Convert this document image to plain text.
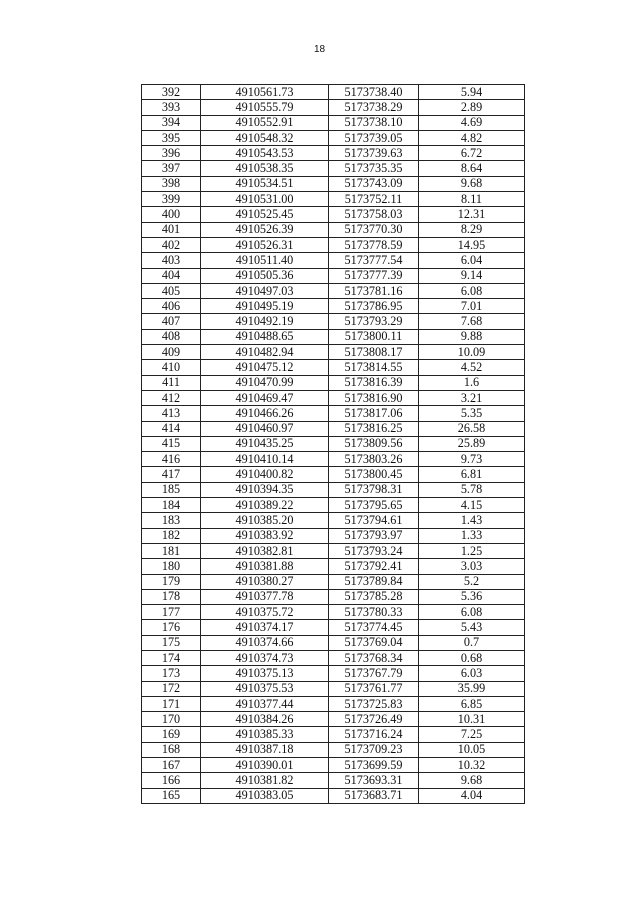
18
392	4910561.73	5173738.40	5.94
393	4910555.79	5173738.29	2.89
394	4910552.91	5173738.10	4.69
395	4910548.32	5173739.05	4.82
396	4910543.53	5173739.63	6.72
397	4910538.35	5173735.35	8.64
398	4910534.51	5173743.09	9.68
399	4910531.00	5173752.11	8.11
400	4910525.45	5173758.03	12.31
401	4910526.39	5173770.30	8.29
402	4910526.31	5173778.59	14.95
403	4910511.40	5173777.54	6.04
404	4910505.36	5173777.39	9.14
405	4910497.03	5173781.16	6.08
406	4910495.19	5173786.95	7.01
407	4910492.19	5173793.29	7.68
408	4910488.65	5173800.11	9.88
409	4910482.94	5173808.17	10.09
410	4910475.12	5173814.55	4.52
411	4910470.99	5173816.39	1.6
412	4910469.47	5173816.90	3.21
413	4910466.26	5173817.06	5.35
414	4910460.97	5173816.25	26.58
415	4910435.25	5173809.56	25.89
416	4910410.14	5173803.26	9.73
417	4910400.82	5173800.45	6.81
185	4910394.35	5173798.31	5.78
184	4910389.22	5173795.65	4.15
183	4910385.20	5173794.61	1.43
182	4910383.92	5173793.97	1.33
181	4910382.81	5173793.24	1.25
180	4910381.88	5173792.41	3.03
179	4910380.27	5173789.84	5.2
178	4910377.78	5173785.28	5.36
177	4910375.72	5173780.33	6.08
176	4910374.17	5173774.45	5.43
175	4910374.66	5173769.04	0.7
174	4910374.73	5173768.34	0.68
173	4910375.13	5173767.79	6.03
172	4910375.53	5173761.77	35.99
171	4910377.44	5173725.83	6.85
170	4910384.26	5173726.49	10.31
169	4910385.33	5173716.24	7.25
168	4910387.18	5173709.23	10.05
167	4910390.01	5173699.59	10.32
166	4910381.82	5173693.31	9.68
165	4910383.05	5173683.71	4.04
